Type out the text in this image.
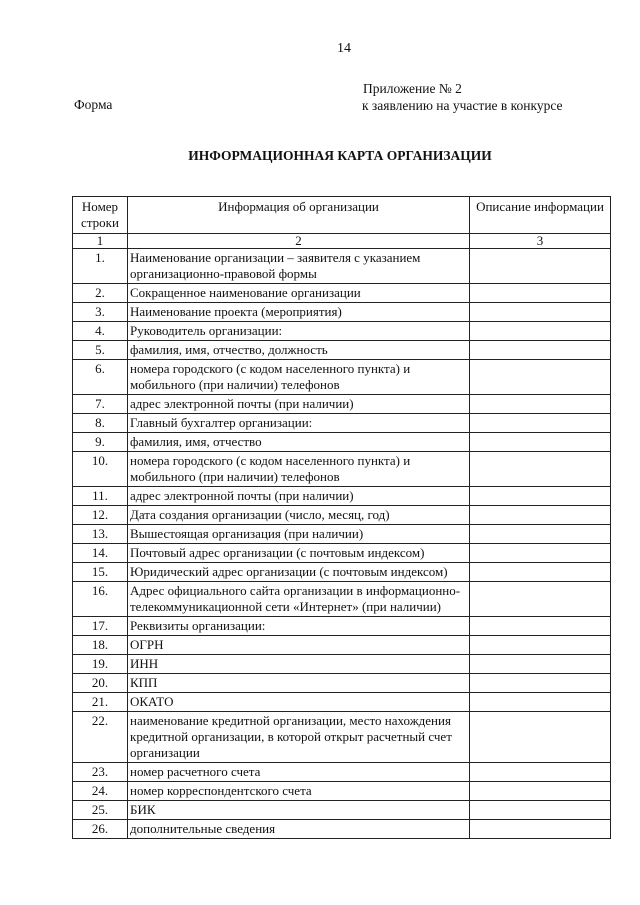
14
Приложение № 2
к заявлению на участие в конкурсе
Форма
ИНФОРМАЦИОННАЯ КАРТА ОРГАНИЗАЦИИ
Номер строки	Информация об организации	Описание информации
1	2	3
1.	Наименование организации – заявителя с указанием организационно-правовой формы	
2.	Сокращенное наименование организации	
3.	Наименование проекта (мероприятия)	
4.	Руководитель организации:	
5.	фамилия, имя, отчество, должность	
6.	номера городского (с кодом населенного пункта) и мобильного (при наличии) телефонов	
7.	адрес электронной почты (при наличии)	
8.	Главный бухгалтер организации:	
9.	фамилия, имя, отчество	
10.	номера городского (с кодом населенного пункта) и мобильного (при наличии) телефонов	
11.	адрес электронной почты (при наличии)	
12.	Дата создания организации (число, месяц, год)	
13.	Вышестоящая организация (при наличии)	
14.	Почтовый адрес организации (с почтовым индексом)	
15.	Юридический адрес организации (с почтовым индексом)	
16.	Адрес официального сайта организации в информационно-телекоммуникационной сети «Интернет» (при наличии)	
17.	Реквизиты организации:	
18.	ОГРН	
19.	ИНН	
20.	КПП	
21.	ОКАТО	
22.	наименование кредитной организации, место нахождения кредитной организации, в которой открыт расчетный счет организации	
23.	номер расчетного счета	
24.	номер корреспондентского счета	
25.	БИК	
26.	дополнительные сведения	
